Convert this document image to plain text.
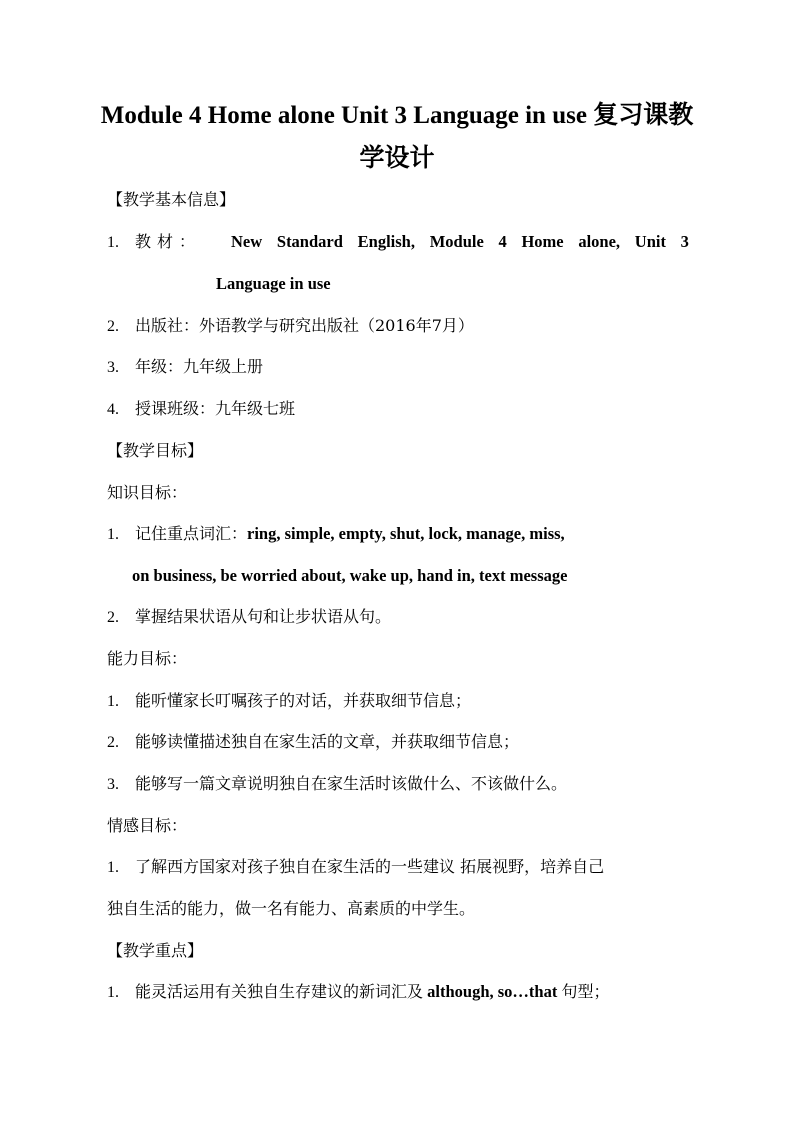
Module 4 Home alone Unit 3 Language in use 复习课教
学设计
【教学基本信息】
1.	教材： New Standard English, Module 4 Home alone, Unit 3
Language in use
2. 出版社：外语教学与研究出版社（2016年7月）
3. 年级：九年级上册
4. 授课班级：九年级七班
【教学目标】
知识目标：
1. 记住重点词汇：ring, simple, empty, shut, lock, manage, miss,
on business, be worried about, wake up, hand in, text message
2. 掌握结果状语从句和让步状语从句。
能力目标：
1. 能听懂家长叮嘱孩子的对话，并获取细节信息；
2. 能够读懂描述独自在家生活的文章，并获取细节信息；
3. 能够写一篇文章说明独自在家生活时该做什么、不该做什么。
情感目标：
1. 了解西方国家对孩子独自在家生活的一些建议 拓展视野，培养自己
独自生活的能力，做一名有能力、高素质的中学生。
【教学重点】
1. 能灵活运用有关独自生存建议的新词汇及 although, so…that 句型；
